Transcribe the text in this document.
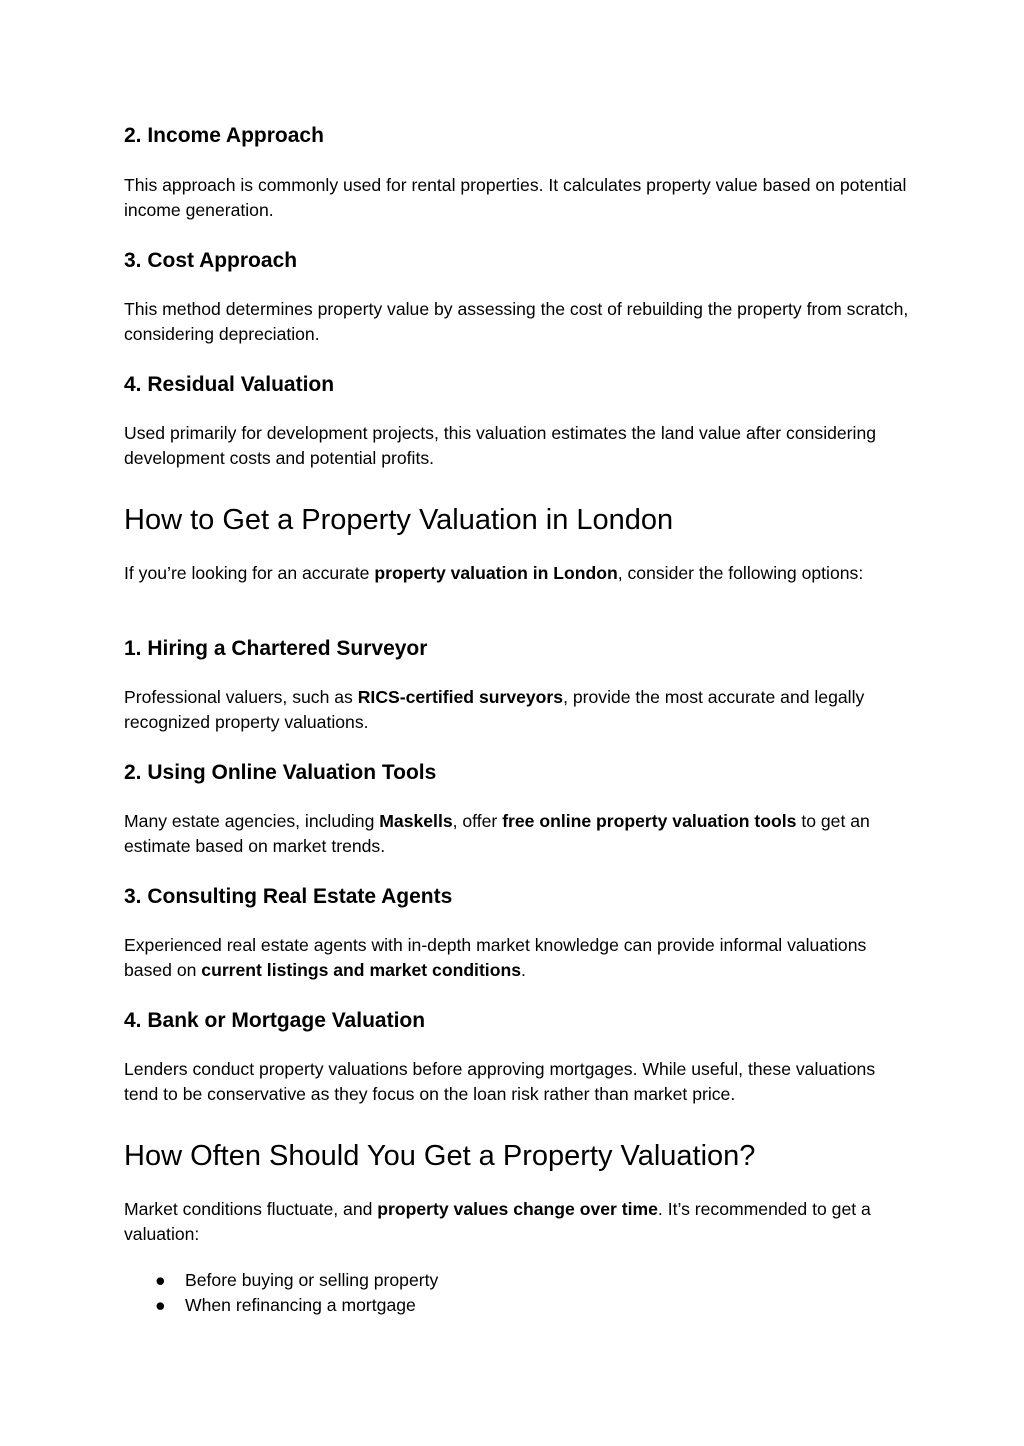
2. Income Approach

This approach is commonly used for rental properties. It calculates property value based on potential income generation.

3. Cost Approach

This method determines property value by assessing the cost of rebuilding the property from scratch, considering depreciation.

4. Residual Valuation

Used primarily for development projects, this valuation estimates the land value after considering development costs and potential profits.

How to Get a Property Valuation in London

If you’re looking for an accurate property valuation in London, consider the following options:

1. Hiring a Chartered Surveyor

Professional valuers, such as RICS-certified surveyors, provide the most accurate and legally recognized property valuations.

2. Using Online Valuation Tools

Many estate agencies, including Maskells, offer free online property valuation tools to get an estimate based on market trends.

3. Consulting Real Estate Agents

Experienced real estate agents with in-depth market knowledge can provide informal valuations based on current listings and market conditions.

4. Bank or Mortgage Valuation

Lenders conduct property valuations before approving mortgages. While useful, these valuations tend to be conservative as they focus on the loan risk rather than market price.

How Often Should You Get a Property Valuation?

Market conditions fluctuate, and property values change over time. It’s recommended to get a valuation:

● Before buying or selling property
● When refinancing a mortgage
